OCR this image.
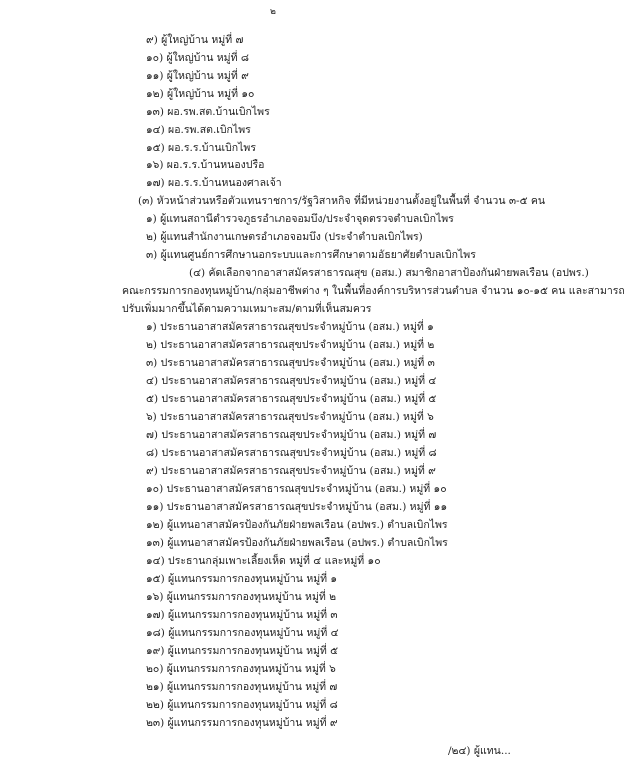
๒
๙) ผู้ใหญ่บ้าน หมู่ที่ ๗
๑๐) ผู้ใหญ่บ้าน หมู่ที่ ๘
๑๑) ผู้ใหญ่บ้าน หมู่ที่ ๙
๑๒) ผู้ใหญ่บ้าน หมู่ที่ ๑๐
๑๓) ผอ.รพ.สต.บ้านเบิกไพร
๑๔) ผอ.รพ.สต.เบิกไพร
๑๕) ผอ.ร.ร.บ้านเบิกไพร
๑๖) ผอ.ร.ร.บ้านหนองปรือ
๑๗) ผอ.ร.ร.บ้านหนองศาลเจ้า
(๓) หัวหน้าส่วนหรือตัวแทนราชการ/รัฐวิสาหกิจ ที่มีหน่วยงานตั้งอยู่ในพื้นที่ จำนวน ๓-๕ คน
๑) ผู้แทนสถานีตำรวจภูธรอำเภอจอมบึง/ประจำจุดตรวจตำบลเบิกไพร
๒) ผู้แทนสำนักงานเกษตรอำเภอจอมบึง (ประจำตำบลเบิกไพร)
๓) ผู้แทนศูนย์การศึกษานอกระบบและการศึกษาตามอัธยาศัยตำบลเบิกไพร
(๔) คัดเลือกจากอาสาสมัครสาธารณสุข (อสม.) สมาชิกอาสาป้องกันฝ่ายพลเรือน (อปพร.)
คณะกรรมการกองทุนหมู่บ้าน/กลุ่มอาชีพต่าง ๆ ในพื้นที่องค์การบริหารส่วนตำบล จำนวน ๑๐-๑๕ คน และสามารถ
ปรับเพิ่มมากขึ้นได้ตามความเหมาะสม/ตามที่เห็นสมควร
๑) ประธานอาสาสมัครสาธารณสุขประจำหมู่บ้าน (อสม.) หมู่ที่ ๑
๒) ประธานอาสาสมัครสาธารณสุขประจำหมู่บ้าน (อสม.) หมู่ที่ ๒
๓) ประธานอาสาสมัครสาธารณสุขประจำหมู่บ้าน (อสม.) หมู่ที่ ๓
๔) ประธานอาสาสมัครสาธารณสุขประจำหมู่บ้าน (อสม.) หมู่ที่ ๔
๕) ประธานอาสาสมัครสาธารณสุขประจำหมู่บ้าน (อสม.) หมู่ที่ ๕
๖) ประธานอาสาสมัครสาธารณสุขประจำหมู่บ้าน (อสม.) หมู่ที่ ๖
๗) ประธานอาสาสมัครสาธารณสุขประจำหมู่บ้าน (อสม.) หมู่ที่ ๗
๘) ประธานอาสาสมัครสาธารณสุขประจำหมู่บ้าน (อสม.) หมู่ที่ ๘
๙) ประธานอาสาสมัครสาธารณสุขประจำหมู่บ้าน (อสม.) หมู่ที่ ๙
๑๐) ประธานอาสาสมัครสาธารณสุขประจำหมู่บ้าน (อสม.) หมู่ที่ ๑๐
๑๑) ประธานอาสาสมัครสาธารณสุขประจำหมู่บ้าน (อสม.) หมู่ที่ ๑๑
๑๒) ผู้แทนอาสาสมัครป้องกันภัยฝ่ายพลเรือน (อปพร.) ตำบลเบิกไพร
๑๓) ผู้แทนอาสาสมัครป้องกันภัยฝ่ายพลเรือน (อปพร.) ตำบลเบิกไพร
๑๔) ประธานกลุ่มเพาะเลี้ยงเห็ด หมู่ที่ ๔ และหมู่ที่ ๑๐
๑๕) ผู้แทนกรรมการกองทุนหมู่บ้าน หมู่ที่ ๑
๑๖) ผู้แทนกรรมการกองทุนหมู่บ้าน หมู่ที่ ๒
๑๗) ผู้แทนกรรมการกองทุนหมู่บ้าน หมู่ที่ ๓
๑๘) ผู้แทนกรรมการกองทุนหมู่บ้าน หมู่ที่ ๔
๑๙) ผู้แทนกรรมการกองทุนหมู่บ้าน หมู่ที่ ๕
๒๐) ผู้แทนกรรมการกองทุนหมู่บ้าน หมู่ที่ ๖
๒๑) ผู้แทนกรรมการกองทุนหมู่บ้าน หมู่ที่ ๗
๒๒) ผู้แทนกรรมการกองทุนหมู่บ้าน หมู่ที่ ๘
๒๓) ผู้แทนกรรมการกองทุนหมู่บ้าน หมู่ที่ ๙
/๒๔) ผู้แทน...
